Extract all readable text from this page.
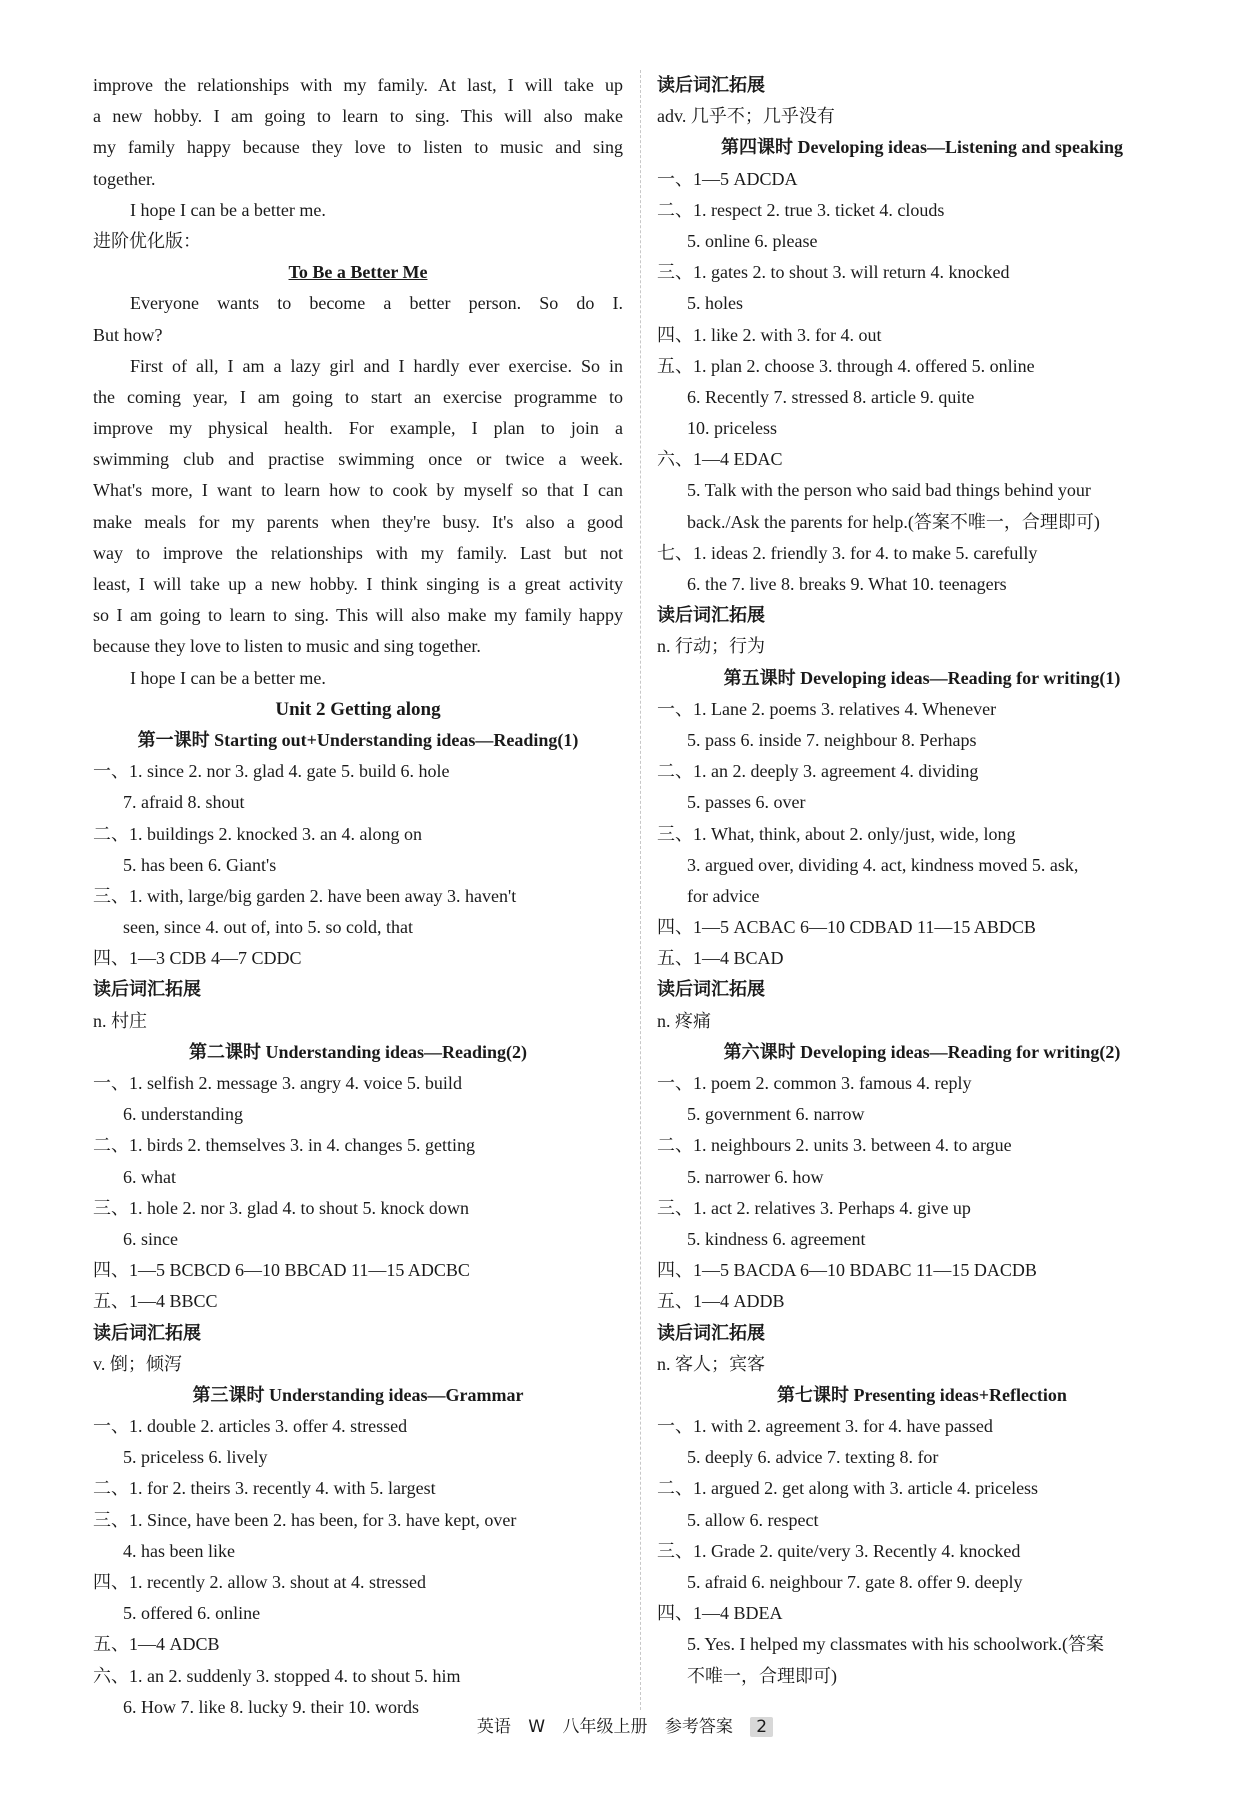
improve the relationships with my family. At last, I will take up
a new hobby. I am going to learn to sing. This will also make
my family happy because they love to listen to music and sing
together.
I hope I can be a better me.
进阶优化版：
To Be a Better Me
Everyone wants to become a better person. So do I.
But how?
First of all, I am a lazy girl and I hardly ever exercise. So in
the coming year, I am going to start an exercise programme to
improve my physical health. For example, I plan to join a
swimming club and practise swimming once or twice a week.
What's more, I want to learn how to cook by myself so that I can
make meals for my parents when they're busy. It's also a good
way to improve the relationships with my family. Last but not
least, I will take up a new hobby. I think singing is a great activity
so I am going to learn to sing. This will also make my family happy
because they love to listen to music and sing together.
I hope I can be a better me.
Unit 2 Getting along
第一课时 Starting out+Understanding ideas—Reading(1)
一、1. since 2. nor 3. glad 4. gate 5. build 6. hole
7. afraid 8. shout
二、1. buildings 2. knocked 3. an 4. along on
5. has been 6. Giant's
三、1. with, large/big garden 2. have been away 3. haven't
seen, since 4. out of, into 5. so cold, that
四、1—3 CDB 4—7 CDDC
读后词汇拓展
n. 村庄
第二课时 Understanding ideas—Reading(2)
一、1. selfish 2. message 3. angry 4. voice 5. build
6. understanding
二、1. birds 2. themselves 3. in 4. changes 5. getting
6. what
三、1. hole 2. nor 3. glad 4. to shout 5. knock down
6. since
四、1—5 BCBCD 6—10 BBCAD 11—15 ADCBC
五、1—4 BBCC
读后词汇拓展
v. 倒；倾泻
第三课时 Understanding ideas—Grammar
一、1. double 2. articles 3. offer 4. stressed
5. priceless 6. lively
二、1. for 2. theirs 3. recently 4. with 5. largest
三、1. Since, have been 2. has been, for 3. have kept, over
4. has been like
四、1. recently 2. allow 3. shout at 4. stressed
5. offered 6. online
五、1—4 ADCB
六、1. an 2. suddenly 3. stopped 4. to shout 5. him
6. How 7. like 8. lucky 9. their 10. words
读后词汇拓展
adv. 几乎不；几乎没有
第四课时 Developing ideas—Listening and speaking
一、1—5 ADCDA
二、1. respect 2. true 3. ticket 4. clouds
5. online 6. please
三、1. gates 2. to shout 3. will return 4. knocked
5. holes
四、1. like 2. with 3. for 4. out
五、1. plan 2. choose 3. through 4. offered 5. online
6. Recently 7. stressed 8. article 9. quite
10. priceless
六、1—4 EDAC
5. Talk with the person who said bad things behind your
back./Ask the parents for help.(答案不唯一，合理即可)
七、1. ideas 2. friendly 3. for 4. to make 5. carefully
6. the 7. live 8. breaks 9. What 10. teenagers
读后词汇拓展
n. 行动；行为
第五课时 Developing ideas—Reading for writing(1)
一、1. Lane 2. poems 3. relatives 4. Whenever
5. pass 6. inside 7. neighbour 8. Perhaps
二、1. an 2. deeply 3. agreement 4. dividing
5. passes 6. over
三、1. What, think, about 2. only/just, wide, long
3. argued over, dividing 4. act, kindness moved 5. ask,
for advice
四、1—5 ACBAC 6—10 CDBAD 11—15 ABDCB
五、1—4 BCAD
读后词汇拓展
n. 疼痛
第六课时 Developing ideas—Reading for writing(2)
一、1. poem 2. common 3. famous 4. reply
5. government 6. narrow
二、1. neighbours 2. units 3. between 4. to argue
5. narrower 6. how
三、1. act 2. relatives 3. Perhaps 4. give up
5. kindness 6. agreement
四、1—5 BACDA 6—10 BDABC 11—15 DACDB
五、1—4 ADDB
读后词汇拓展
n. 客人；宾客
第七课时 Presenting ideas+Reflection
一、1. with 2. agreement 3. for 4. have passed
5. deeply 6. advice 7. texting 8. for
二、1. argued 2. get along with 3. article 4. priceless
5. allow 6. respect
三、1. Grade 2. quite/very 3. Recently 4. knocked
5. afraid 6. neighbour 7. gate 8. offer 9. deeply
四、1—4 BDEA
5. Yes. I helped my classmates with his schoolwork.(答案
不唯一，合理即可)
英语 W 八年级上册 参考答案 2
